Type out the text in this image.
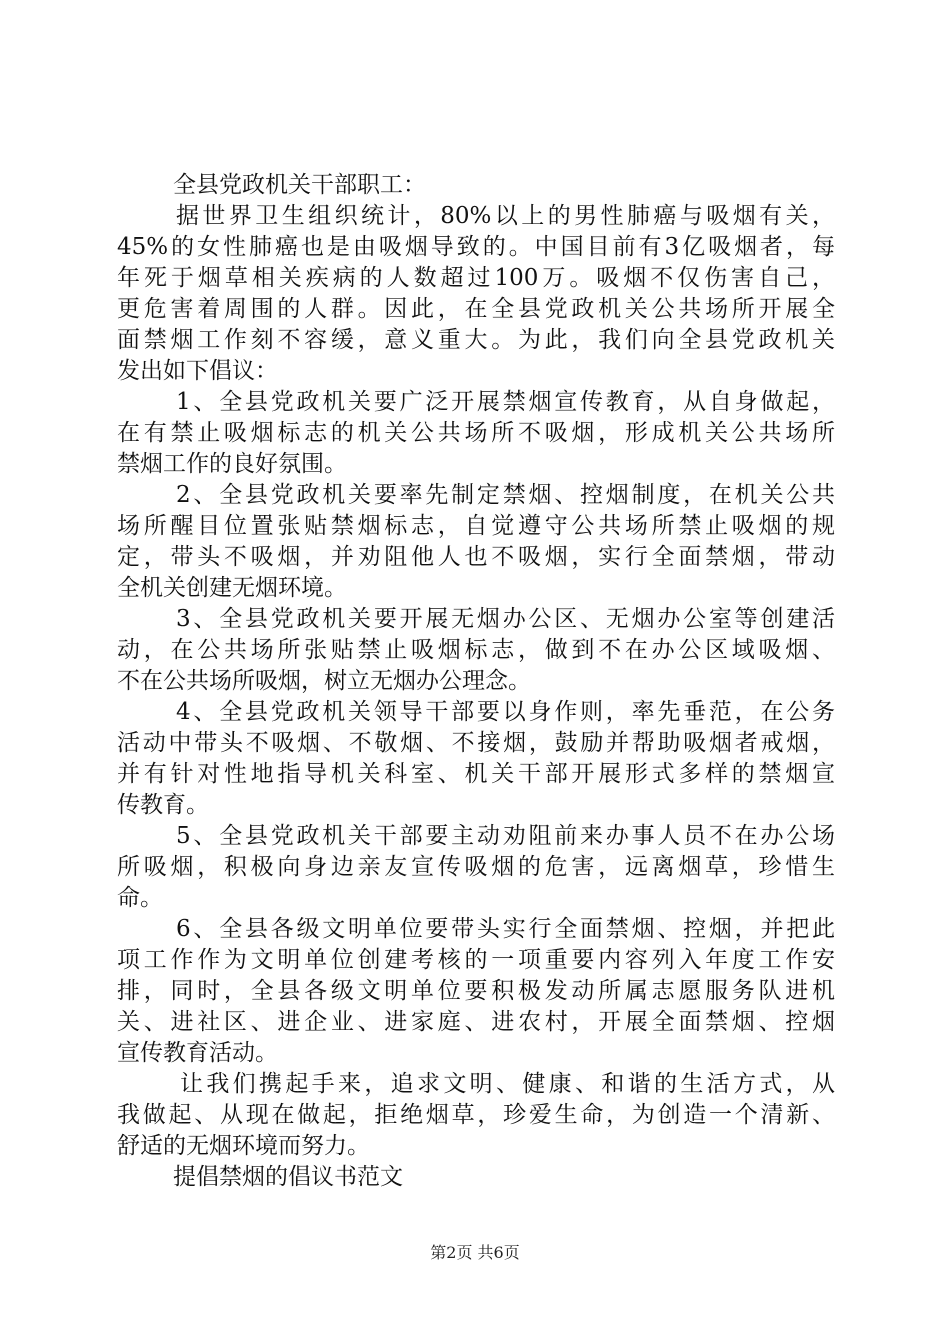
全县党政机关干部职工：
据世界卫生组织统计，80%以上的男性肺癌与吸烟有关，
45%的女性肺癌也是由吸烟导致的。中国目前有3亿吸烟者，每
年死于烟草相关疾病的人数超过100万。吸烟不仅伤害自己，
更危害着周围的人群。因此，在全县党政机关公共场所开展全
面禁烟工作刻不容缓，意义重大。为此，我们向全县党政机关
发出如下倡议：
1、全县党政机关要广泛开展禁烟宣传教育，从自身做起，
在有禁止吸烟标志的机关公共场所不吸烟，形成机关公共场所
禁烟工作的良好氛围。
2、全县党政机关要率先制定禁烟、控烟制度，在机关公共
场所醒目位置张贴禁烟标志，自觉遵守公共场所禁止吸烟的规
定，带头不吸烟，并劝阻他人也不吸烟，实行全面禁烟，带动
全机关创建无烟环境。
3、全县党政机关要开展无烟办公区、无烟办公室等创建活
动，在公共场所张贴禁止吸烟标志，做到不在办公区域吸烟、
不在公共场所吸烟，树立无烟办公理念。
4、全县党政机关领导干部要以身作则，率先垂范，在公务
活动中带头不吸烟、不敬烟、不接烟，鼓励并帮助吸烟者戒烟，
并有针对性地指导机关科室、机关干部开展形式多样的禁烟宣
传教育。
5、全县党政机关干部要主动劝阻前来办事人员不在办公场
所吸烟，积极向身边亲友宣传吸烟的危害，远离烟草，珍惜生
命。
6、全县各级文明单位要带头实行全面禁烟、控烟，并把此
项工作作为文明单位创建考核的一项重要内容列入年度工作安
排，同时，全县各级文明单位要积极发动所属志愿服务队进机
关、进社区、进企业、进家庭、进农村，开展全面禁烟、控烟
宣传教育活动。
让我们携起手来，追求文明、健康、和谐的生活方式，从
我做起、从现在做起，拒绝烟草，珍爱生命，为创造一个清新、
舒适的无烟环境而努力。
提倡禁烟的倡议书范文
第2页 共6页
